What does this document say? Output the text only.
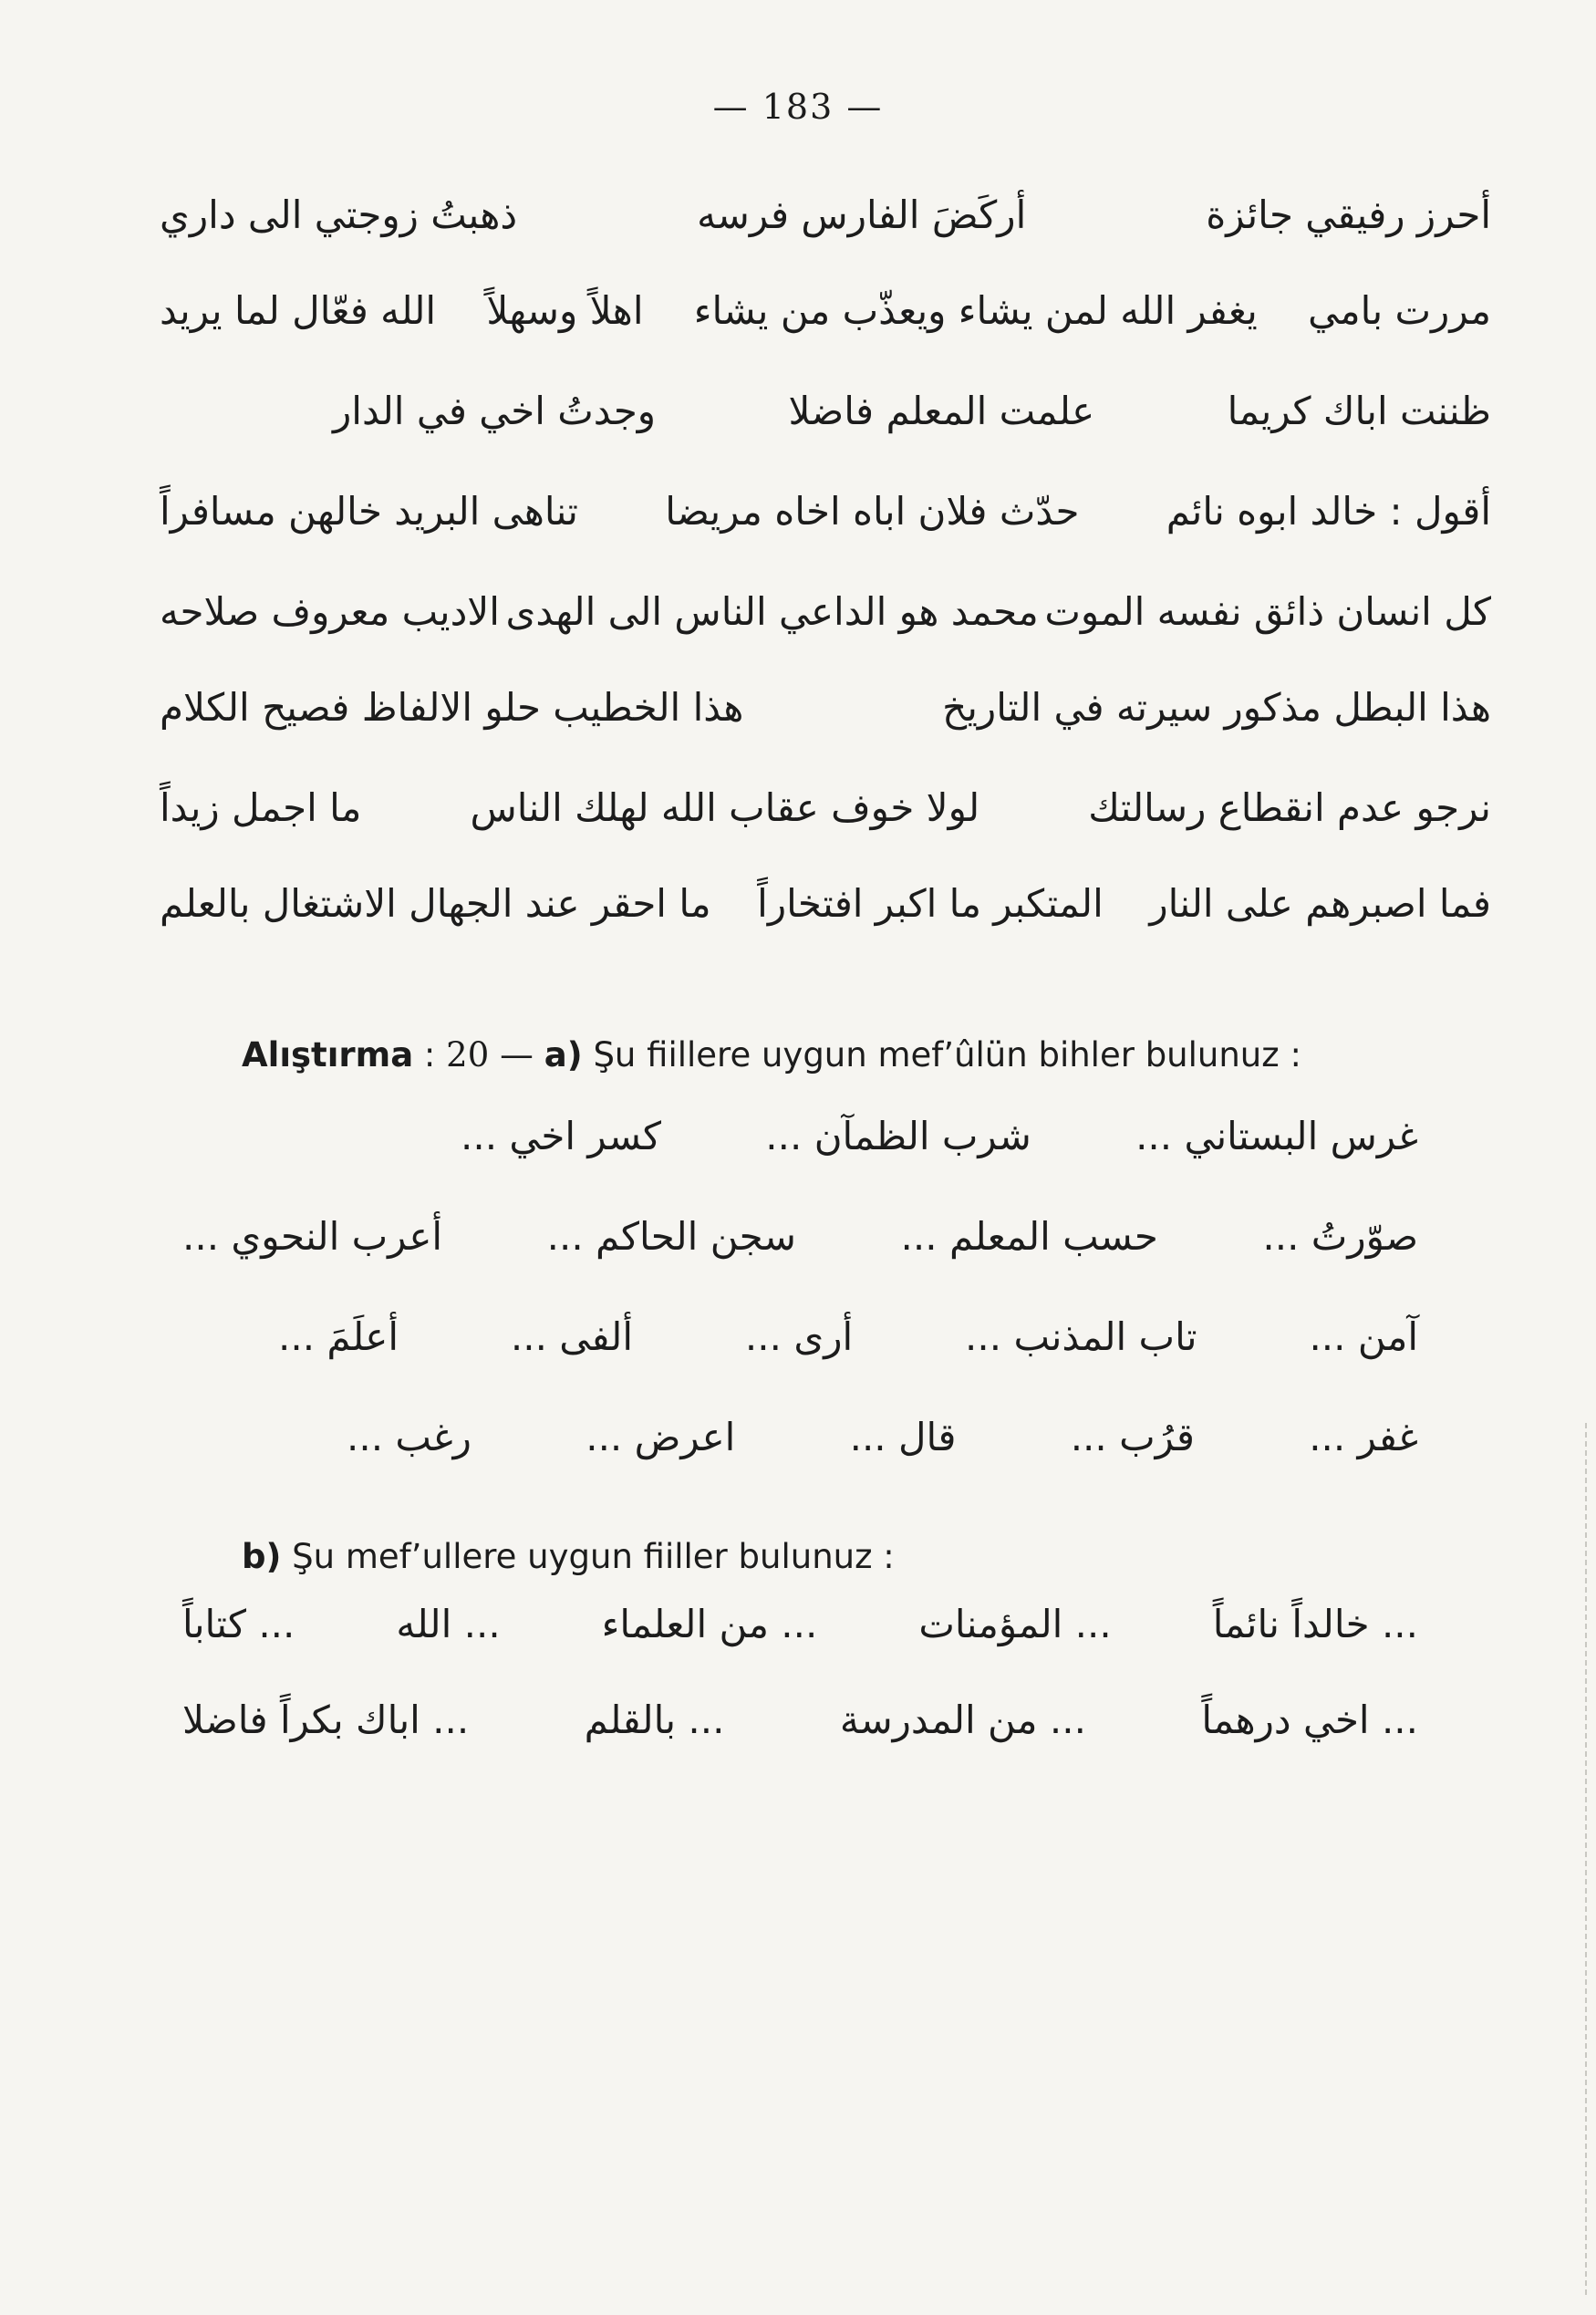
— 183 —
أحرز رفيقي جائزة
أركَضَ الفارس فرسه
ذهبتُ زوجتي الى داري
مررت بامي
يغفر الله لمن يشاء ويعذّب من يشاء
اهلاً وسهلاً
الله فعّال لما يريد
ظننت اباك كريما
علمت المعلم فاضلا
وجدتُ اخي في الدار
أقول : خالد ابوه نائم
حدّث فلان اباه اخاه مريضا
تناهى البريد خالهن مسافراً
كل انسان ذائق نفسه الموت
محمد هو الداعي الناس الى الهدى
الاديب معروف صلاحه
هذا البطل مذكور سيرته في التاريخ
هذا الخطيب حلو الالفاظ فصيح الكلام
نرجو عدم انقطاع رسالتك
لولا خوف عقاب الله لهلك الناس
ما اجمل زيداً
فما اصبرهم على النار
المتكبر ما اكبر افتخاراً
ما احقر عند الجهال الاشتغال بالعلم
Alıştırma : 20 — a) Şu fiillere uygun mef’ûlün bihler bulunuz :
غرس البستاني ...
شرب الظمآن ...
كسر اخي ...
صوّرتُ ...
حسب المعلم ...
سجن الحاكم ...
أعرب النحوي ...
آمن ...
تاب المذنب ...
أرى ...
ألفى ...
أعلَمَ ...
غفر ...
قرُب ...
قال ...
اعرض ...
رغب ...
b) Şu mef’ullere uygun fiiller bulunuz :
... خالداً نائماً
... المؤمنات
... من العلماء
... الله
... كتاباً
... اخي درهماً
... من المدرسة
... بالقلم
... اباك بكراً فاضلا
